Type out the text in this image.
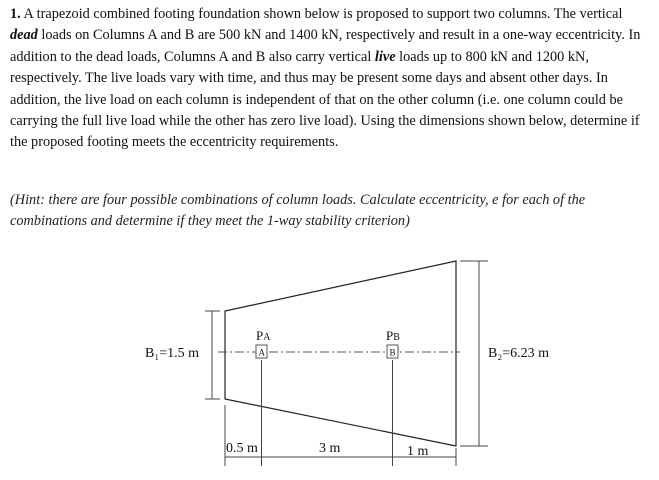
1. A trapezoid combined footing foundation shown below is proposed to support two columns. The vertical dead loads on Columns A and B are 500 kN and 1400 kN, respectively and result in a one-way eccentricity. In addition to the dead loads, Columns A and B also carry vertical live loads up to 800 kN and 1200 kN, respectively. The live loads vary with time, and thus may be present some days and absent other days. In addition, the live load on each column is independent of that on the other column (i.e. one column could be carrying the full live load while the other has zero live load). Using the dimensions shown below, determine if the proposed footing meets the eccentricity requirements.

(Hint: there are four possible combinations of column loads. Calculate eccentricity, e for each of the combinations and determine if they meet the 1-way stability criterion)

B₁=1.5 m	B₂=6.23 m
A
PA
B
PB
0.5 m	3 m	1 m
